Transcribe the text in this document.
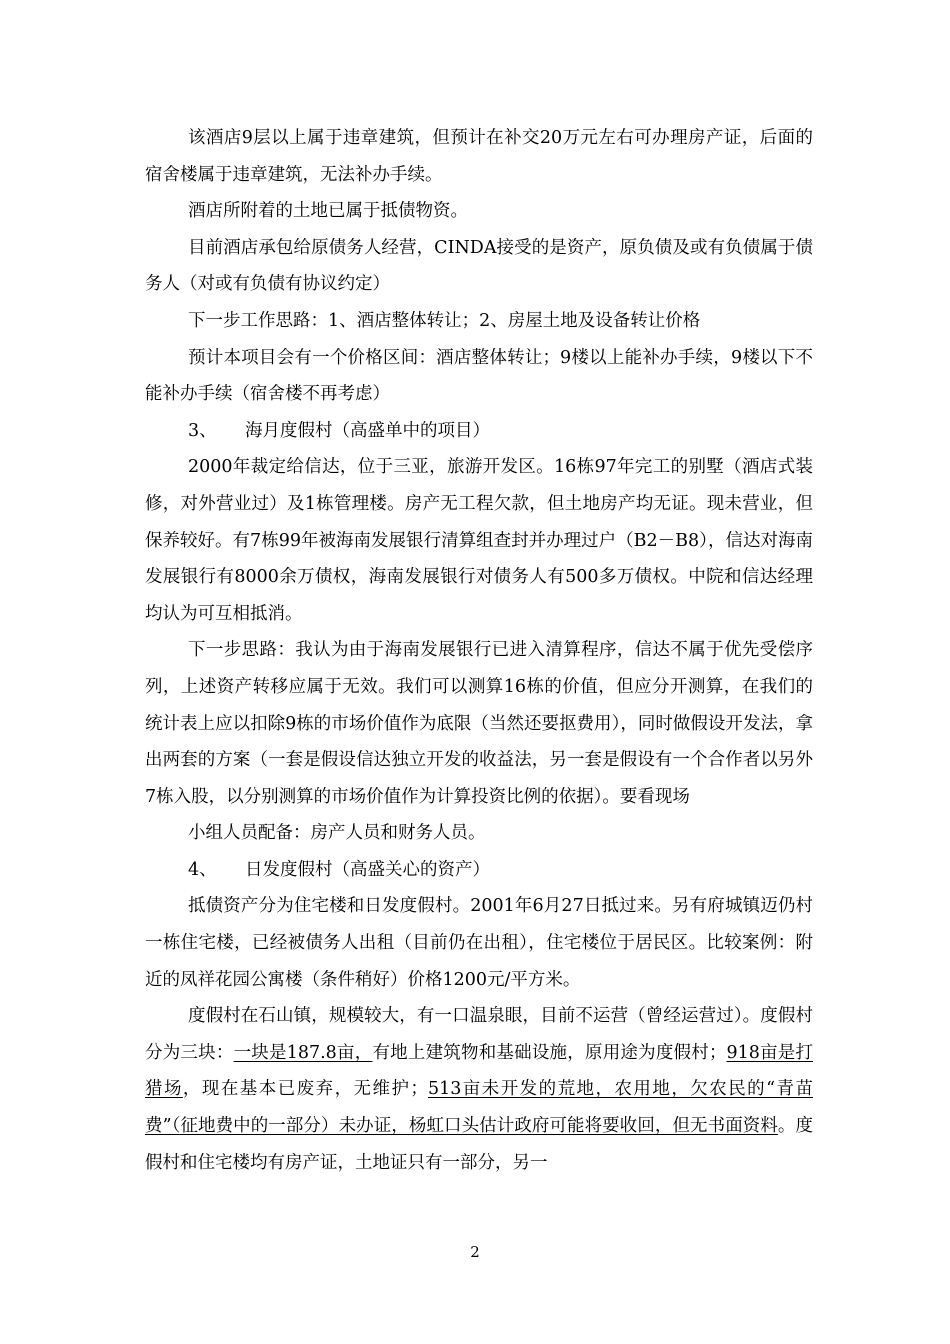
该酒店9层以上属于违章建筑，但预计在补交20万元左右可办理房产证，后面的宿舍楼属于违章建筑，无法补办手续。

酒店所附着的土地已属于抵债物资。

目前酒店承包给原债务人经营，CINDA接受的是资产，原负债及或有负债属于债务人（对或有负债有协议约定）

下一步工作思路：1、酒店整体转让；2、房屋土地及设备转让价格

预计本项目会有一个价格区间：酒店整体转让；9楼以上能补办手续，9楼以下不能补办手续（宿舍楼不再考虑）

3、 海月度假村（高盛单中的项目）

2000年裁定给信达，位于三亚，旅游开发区。16栋97年完工的别墅（酒店式装修，对外营业过）及1栋管理楼。房产无工程欠款，但土地房产均无证。现未营业，但保养较好。有7栋99年被海南发展银行清算组查封并办理过户（B2－B8），信达对海南发展银行有8000余万债权，海南发展银行对债务人有500多万债权。中院和信达经理均认为可互相抵消。

下一步思路：我认为由于海南发展银行已进入清算程序，信达不属于优先受偿序列，上述资产转移应属于无效。我们可以测算16栋的价值，但应分开测算，在我们的统计表上应以扣除9栋的市场价值作为底限（当然还要抠费用），同时做假设开发法，拿出两套的方案（一套是假设信达独立开发的收益法，另一套是假设有一个合作者以另外7栋入股，以分别测算的市场价值作为计算投资比例的依据）。要看现场

小组人员配备：房产人员和财务人员。

4、 日发度假村（高盛关心的资产）

抵债资产分为住宅楼和日发度假村。2001年6月27日抵过来。另有府城镇迈仍村一栋住宅楼，已经被债务人出租（目前仍在出租），住宅楼位于居民区。比较案例：附近的凤祥花园公寓楼（条件稍好）价格1200元/平方米。

度假村在石山镇，规模较大，有一口温泉眼，目前不运营（曾经运营过）。度假村分为三块：一块是187.8亩，有地上建筑物和基础设施，原用途为度假村；918亩是打猎场，现在基本已废弃，无维护；513亩未开发的荒地，农用地，欠农民的“青苗费”（征地费中的一部分）未办证，杨虹口头估计政府可能将要收回，但无书面资料。度假村和住宅楼均有房产证，土地证只有一部分，另一

2
